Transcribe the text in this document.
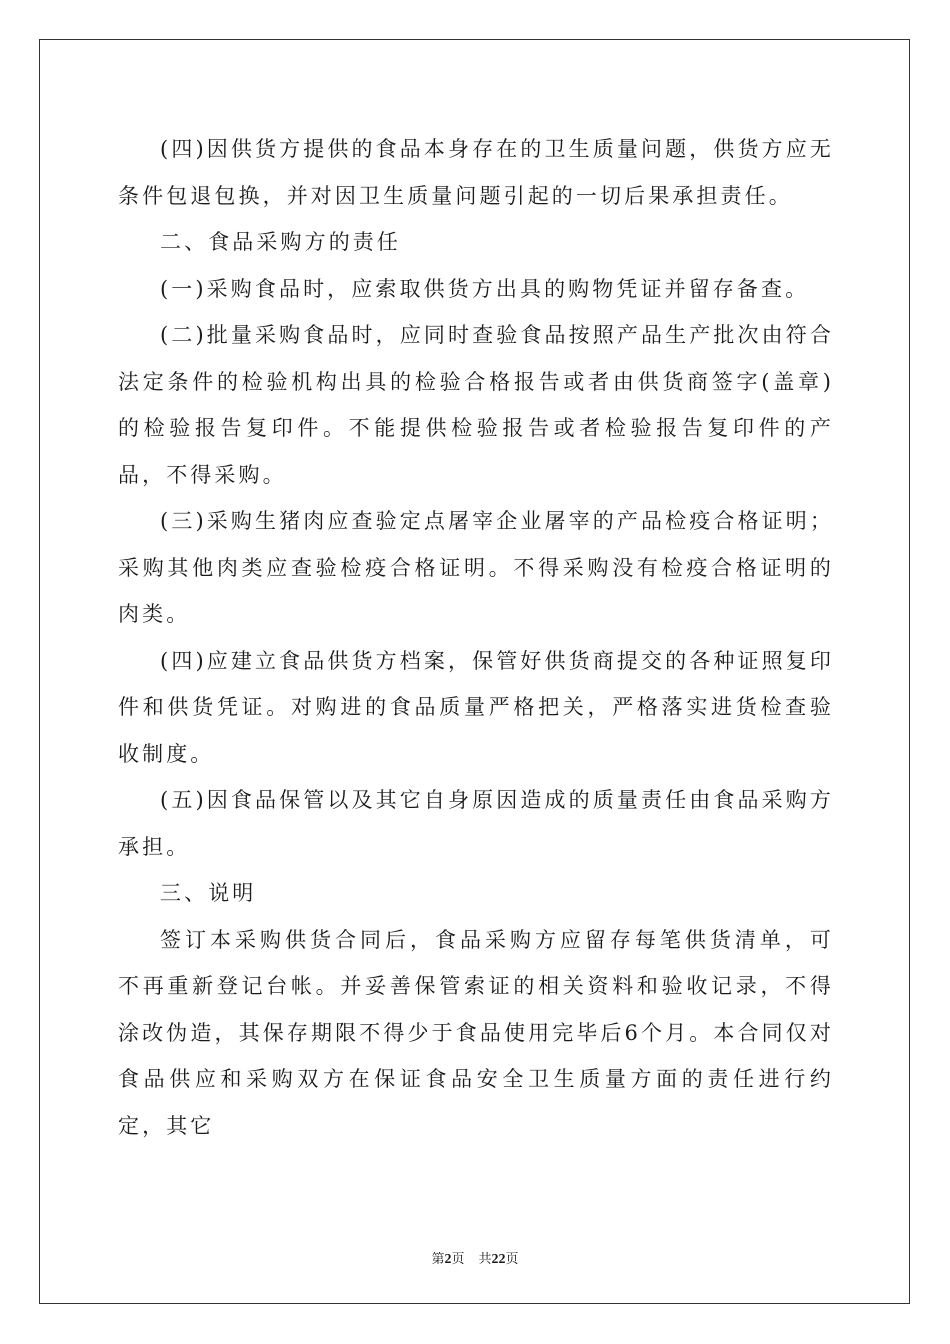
(四)因供货方提供的食品本身存在的卫生质量问题，供货方应无条件包退包换，并对因卫生质量问题引起的一切后果承担责任。

二、食品采购方的责任

(一)采购食品时，应索取供货方出具的购物凭证并留存备查。

(二)批量采购食品时，应同时查验食品按照产品生产批次由符合法定条件的检验机构出具的检验合格报告或者由供货商签字(盖章)的检验报告复印件。不能提供检验报告或者检验报告复印件的产品，不得采购。

(三)采购生猪肉应查验定点屠宰企业屠宰的产品检疫合格证明；采购其他肉类应查验检疫合格证明。不得采购没有检疫合格证明的肉类。

(四)应建立食品供货方档案，保管好供货商提交的各种证照复印件和供货凭证。对购进的食品质量严格把关，严格落实进货检查验收制度。

(五)因食品保管以及其它自身原因造成的质量责任由食品采购方承担。

三、说明

签订本采购供货合同后，食品采购方应留存每笔供货清单，可不再重新登记台帐。并妥善保管索证的相关资料和验收记录，不得涂改伪造，其保存期限不得少于食品使用完毕后6个月。本合同仅对食品供应和采购双方在保证食品安全卫生质量方面的责任进行约定，其它

第2页 共22页
